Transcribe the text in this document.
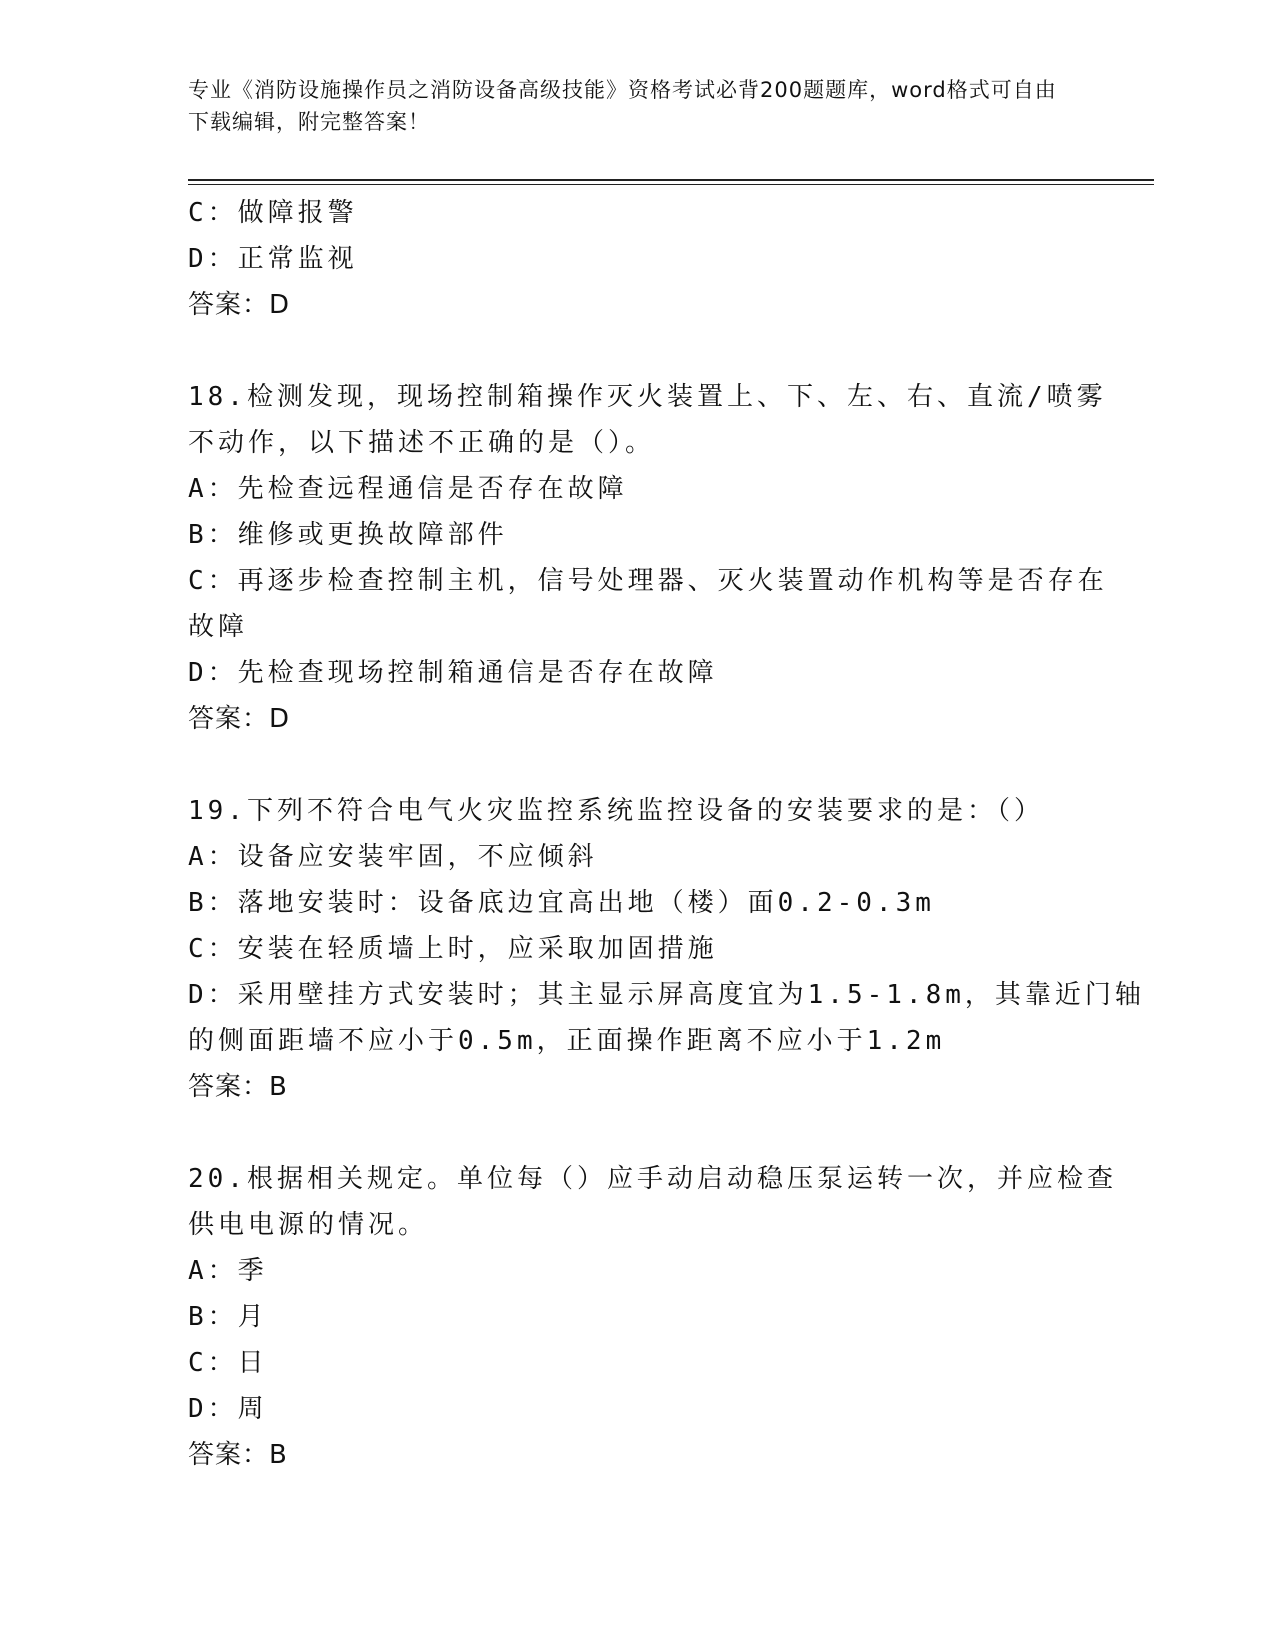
专业《消防设施操作员之消防设备高级技能》资格考试必背200题题库，word格式可自由下载编辑，附完整答案！
C：做障报警
D：正常监视
答案：D
18.检测发现，现场控制箱操作灭火装置上、下、左、右、直流/喷雾
不动作，以下描述不正确的是（）。
A：先检查远程通信是否存在故障
B：维修或更换故障部件
C：再逐步检查控制主机，信号处理器、灭火装置动作机构等是否存在
故障
D：先检查现场控制箱通信是否存在故障
答案：D
19.下列不符合电气火灾监控系统监控设备的安装要求的是：（）
A：设备应安装牢固，不应倾斜
B：落地安装时：设备底边宜高出地（楼）面0.2-0.3m
C：安装在轻质墙上时，应采取加固措施
D：采用壁挂方式安装时；其主显示屏高度宜为1.5-1.8m，其靠近门轴
的侧面距墙不应小于0.5m，正面操作距离不应小于1.2m
答案：B
20.根据相关规定。单位每（）应手动启动稳压泵运转一次，并应检查
供电电源的情况。
A：季
B：月
C：日
D：周
答案：B
